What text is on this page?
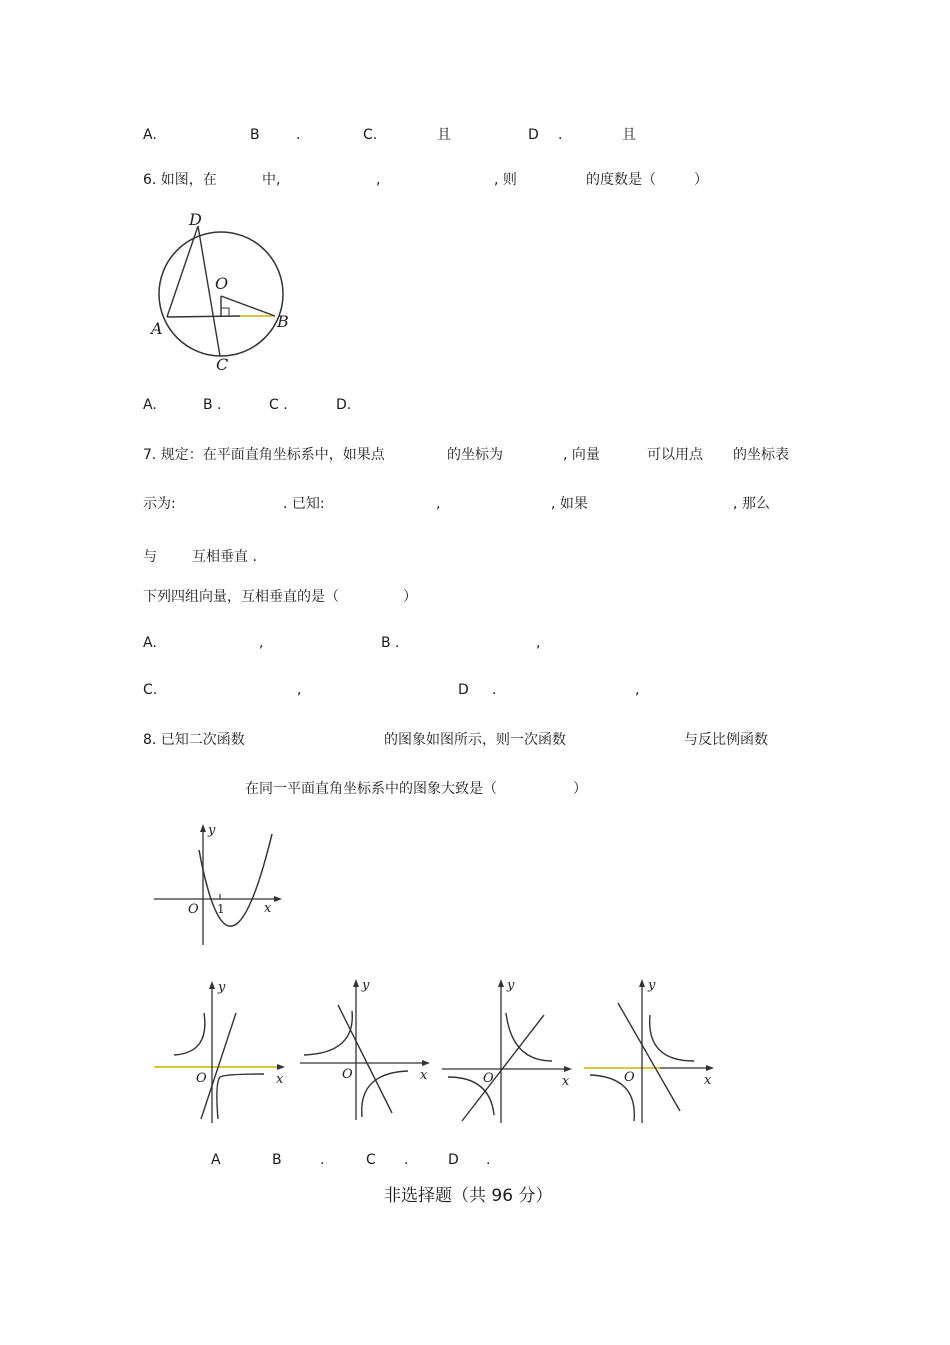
A.	B	.	C.	且	D .	且
6. 如图，在	中,	,	, 则	的度数是（	）
D
O
A	B
C
A.	B .	C .	D.
7. 规定：在平面直角坐标系中，如果点	的坐标为	, 向量	可以用点 的坐标表
示为:	. 已知:	,	, 如果	, 那么
与	互相垂直 .
下列四组向量，互相垂直的是（	）
A.	,	B .	,
C.	,	D .	,
8. 已知二次函数	的图象如图所示，则一次函数	与反比例函数
在同一平面直角坐标系中的图象大致是（	）
y
O 1	x
y
O	x
y
O	x
y
O	x
y
O	x
A	B	.	C .	D .
非选择题（共 96 分）
